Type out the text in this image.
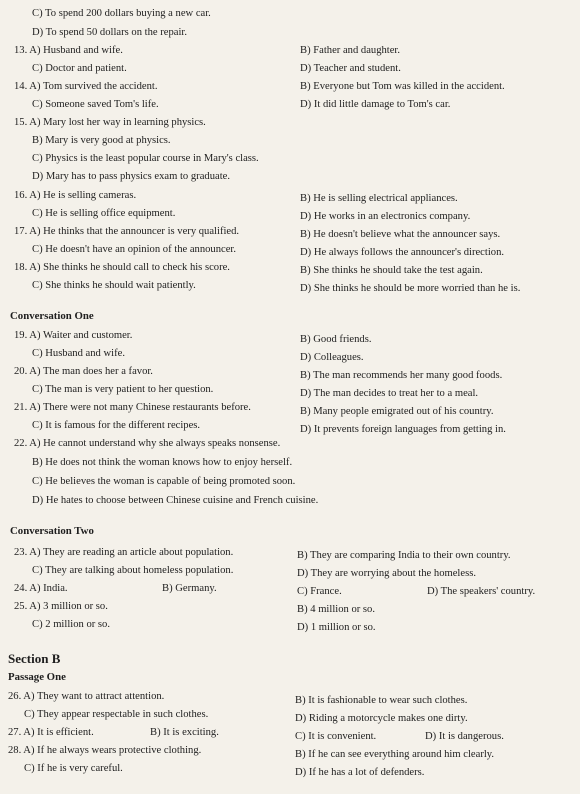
C) To spend 200 dollars buying a new car.
D) To spend 50 dollars on the repair.
13. A) Husband and wife.	B) Father and daughter.
C) Doctor and patient.	D) Teacher and student.
14. A) Tom survived the accident.	B) Everyone but Tom was killed in the accident.
C) Someone saved Tom's life.	D) It did little damage to Tom's car.
15. A) Mary lost her way in learning physics.
B) Mary is very good at physics.
C) Physics is the least popular course in Mary's class.
D) Mary has to pass physics exam to graduate.
16. A) He is selling cameras.	B) He is selling electrical appliances.
C) He is selling office equipment.	D) He works in an electronics company.
17. A) He thinks that the announcer is very qualified.	B) He doesn't believe what the announcer says.
C) He doesn't have an opinion of the announcer.	D) He always follows the announcer's direction.
18. A) She thinks he should call to check his score.	B) She thinks he should take the test again.
C) She thinks he should wait patiently.	D) She thinks he should be more worried than he is.
Conversation One
19. A) Waiter and customer.	B) Good friends.
C) Husband and wife.	D) Colleagues.
20. A) The man does her a favor.	B) The man recommends her many good foods.
C) The man is very patient to her question.	D) The man decides to treat her to a meal.
21. A) There were not many Chinese restaurants before.	B) Many people emigrated out of his country.
C) It is famous for the different recipes.	D) It prevents foreign languages from getting in.
22. A) He cannot understand why she always speaks nonsense.
B) He does not think the woman knows how to enjoy herself.
C) He believes the woman is capable of being promoted soon.
D) He hates to choose between Chinese cuisine and French cuisine.
Conversation Two
23. A) They are reading an article about population.	B) They are comparing India to their own country.
C) They are talking about homeless population.	D) They are worrying about the homeless.
24. A) India.	B) Germany.	C) France.	D) The speakers' country.
25. A) 3 million or so.	B) 4 million or so.
C) 2 million or so.	D) 1 million or so.
Section B
Passage One
26. A) They want to attract attention.	B) It is fashionable to wear such clothes.
C) They appear respectable in such clothes.	D) Riding a motorcycle makes one dirty.
27. A) It is efficient.	B) It is exciting.	C) It is convenient.	D) It is dangerous.
28. A) If he always wears protective clothing.	B) If he can see everything around him clearly.
C) If he is very careful.	D) If he has a lot of defenders.
